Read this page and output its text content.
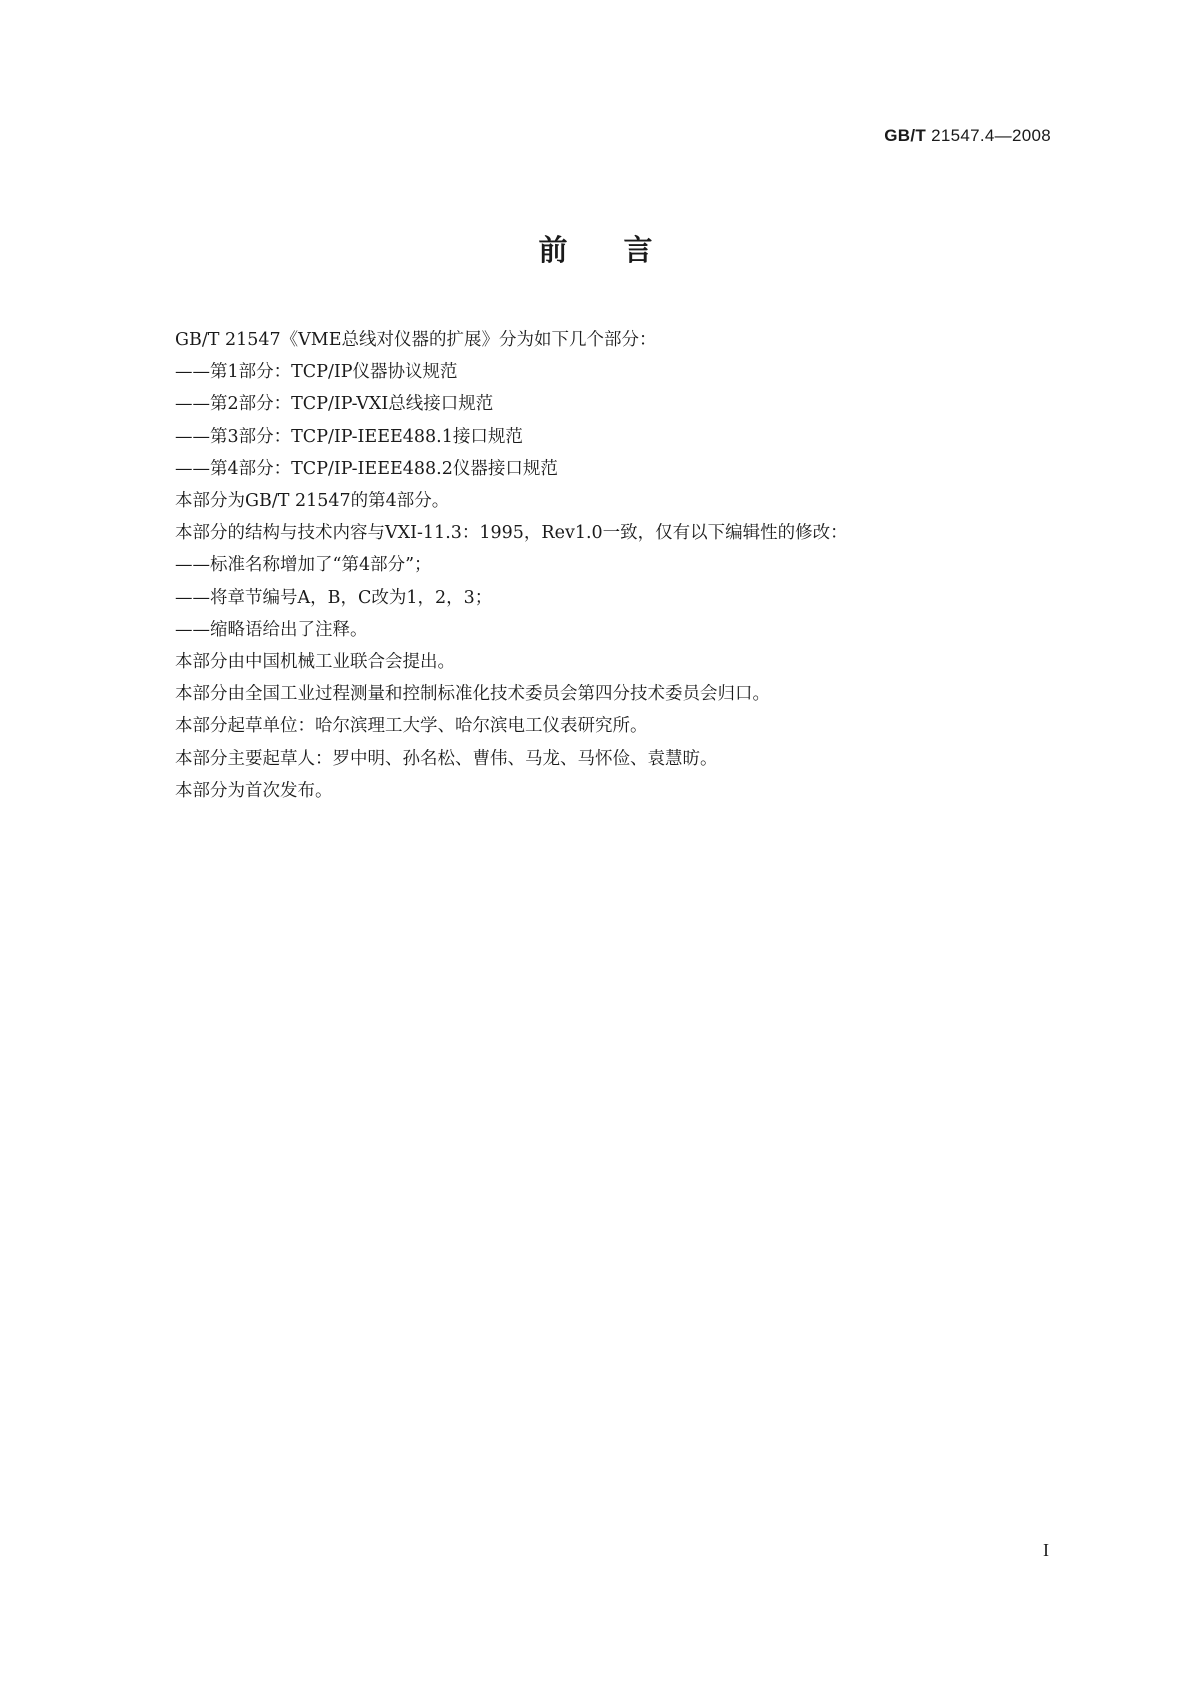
GB/T 21547.4—2008
前言
GB/T 21547《VME总线对仪器的扩展》分为如下几个部分：
——第1部分：TCP/IP仪器协议规范
——第2部分：TCP/IP-VXI总线接口规范
——第3部分：TCP/IP-IEEE488.1接口规范
——第4部分：TCP/IP-IEEE488.2仪器接口规范
本部分为GB/T 21547的第4部分。
本部分的结构与技术内容与VXI-11.3：1995，Rev1.0一致，仅有以下编辑性的修改：
——标准名称增加了“第4部分”；
——将章节编号A，B，C改为1，2，3；
——缩略语给出了注释。
本部分由中国机械工业联合会提出。
本部分由全国工业过程测量和控制标准化技术委员会第四分技术委员会归口。
本部分起草单位：哈尔滨理工大学、哈尔滨电工仪表研究所。
本部分主要起草人：罗中明、孙名松、曹伟、马龙、马怀俭、袁慧昉。
本部分为首次发布。
I
